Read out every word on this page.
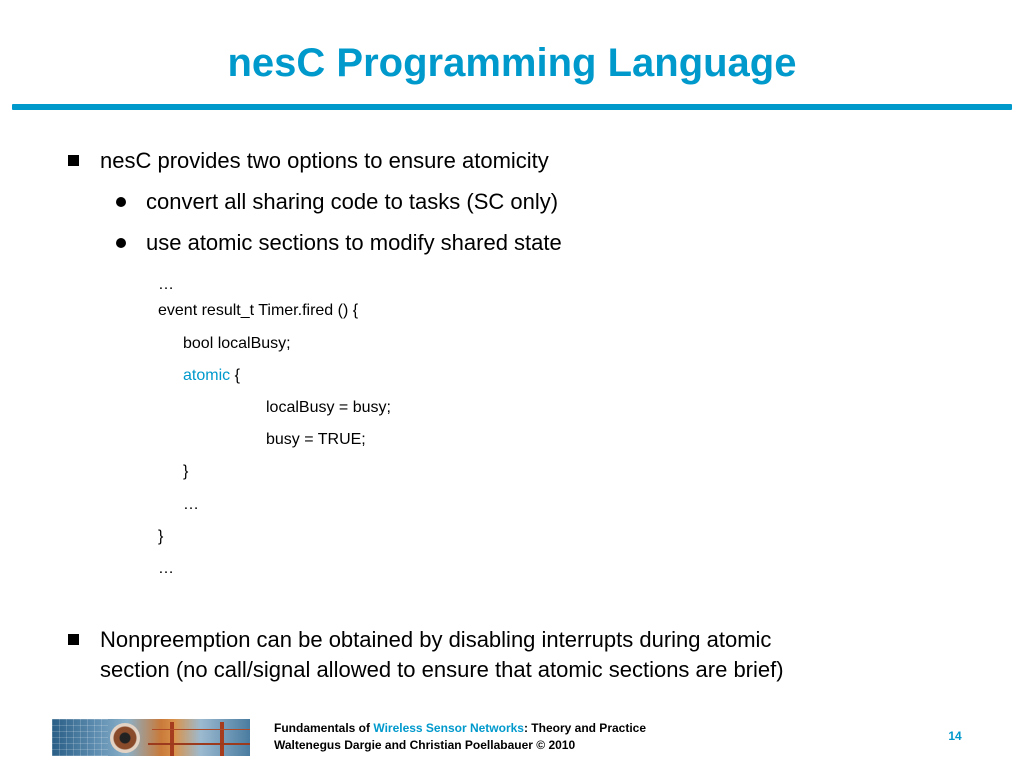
nesC Programming Language
nesC provides two options to ensure atomicity
convert all sharing code to tasks (SC only)
use atomic sections to modify shared state
…
event result_t Timer.fired () {
bool localBusy;
atomic {
localBusy = busy;
busy = TRUE;
}
…
}
…
Nonpreemption can be obtained by disabling interrupts during atomic
section (no call/signal allowed to ensure that atomic sections are brief)
Fundamentals of Wireless Sensor Networks: Theory and Practice
Waltenegus Dargie and Christian Poellabauer © 2010
14
